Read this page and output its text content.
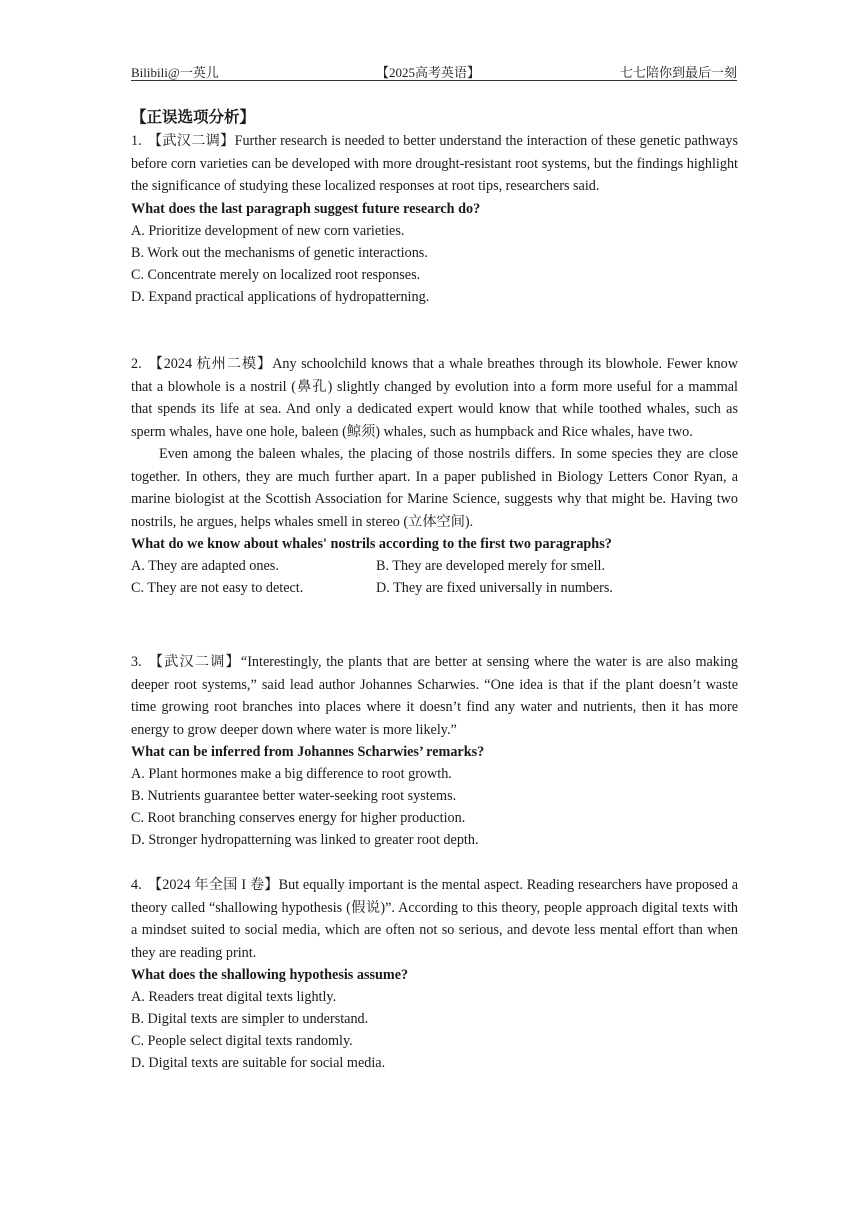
Bilibili@一英儿	【2025高考英语】	七七陪你到最后一刻
【正误选项分析】

1. 【武汉二调】Further research is needed to better understand the interaction of these genetic pathways before corn varieties can be developed with more drought-resistant root systems, but the findings highlight the significance of studying these localized responses at root tips, researchers said.

What does the last paragraph suggest future research do?

A. Prioritize development of new corn varieties.

B. Work out the mechanisms of genetic interactions.

C. Concentrate merely on localized root responses.

D. Expand practical applications of hydropatterning.

2. 【2024 杭州二模】Any schoolchild knows that a whale breathes through its blowhole. Fewer know that a blowhole is a nostril (鼻孔) slightly changed by evolution into a form more useful for a mammal that spends its life at sea. And only a dedicated expert would know that while toothed whales, such as sperm whales, have one hole, baleen (鲸须) whales, such as humpback and Rice whales, have two.

Even among the baleen whales, the placing of those nostrils differs. In some species they are close together. In others, they are much further apart. In a paper published in Biology Letters Conor Ryan, a marine biologist at the Scottish Association for Marine Science, suggests why that might be. Having two nostrils, he argues, helps whales smell in stereo (立体空间).

What do we know about whales' nostrils according to the first two paragraphs?

A. They are adapted ones.	B. They are developed merely for smell.

C. They are not easy to detect.	D. They are fixed universally in numbers.

3. 【武汉二调】“Interestingly, the plants that are better at sensing where the water is are also making deeper root systems,” said lead author Johannes Scharwies. “One idea is that if the plant doesn’t waste time growing root branches into places where it doesn’t find any water and nutrients, then it has more energy to grow deeper down where water is more likely.”

What can be inferred from Johannes Scharwies’ remarks?

A. Plant hormones make a big difference to root growth.

B. Nutrients guarantee better water-seeking root systems.

C. Root branching conserves energy for higher production.

D. Stronger hydropatterning was linked to greater root depth.

4. 【2024 年全国 I 卷】But equally important is the mental aspect. Reading researchers have proposed a theory called “shallowing hypothesis (假说)”. According to this theory, people approach digital texts with a mindset suited to social media, which are often not so serious, and devote less mental effort than when they are reading print.

What does the shallowing hypothesis assume?

A. Readers treat digital texts lightly.

B. Digital texts are simpler to understand.

C. People select digital texts randomly.

D. Digital texts are suitable for social media.
